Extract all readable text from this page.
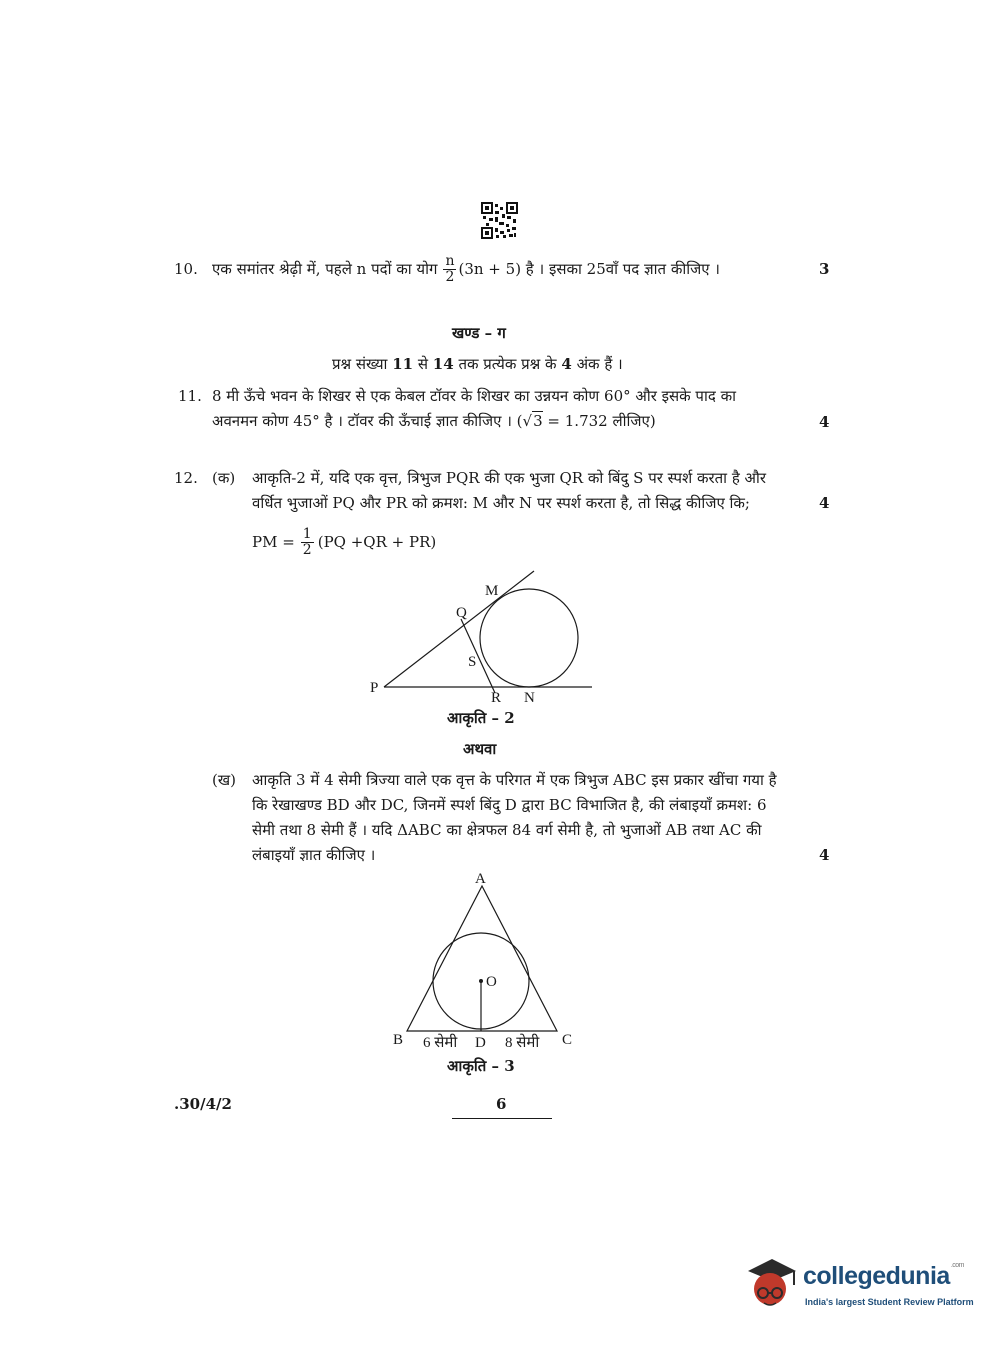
10. एक समांतर श्रेढ़ी में, पहले n पदों का योग $\frac{n}{2} (3n + 5)$ है । इसका 25वाँ पद ज्ञात कीजिए ।	3
खण्ड – ग
प्रश्न संख्या 11 से 14 तक प्रत्येक प्रश्न के 4 अंक हैं ।
11. 8 मी ऊँचे भवन के शिखर से एक केबल टॉवर के शिखर का उन्नयन कोण 60° और इसके पाद का
अवनमन कोण 45° है । टॉवर की ऊँचाई ज्ञात कीजिए । (√3 = 1.732 लीजिए)	4
12. (क) आकृति-2 में, यदि एक वृत्त, त्रिभुज PQR की एक भुजा QR को बिंदु S पर स्पर्श करता है और
वर्धित भुजाओं PQ और PR को क्रमश: M और N पर स्पर्श करता है, तो सिद्ध कीजिए कि;	4
PM = $\frac{1}{2} (PQ +QR + PR)$
P
Q
M
S
R N
आकृति – 2
अथवा
(ख) आकृति 3 में 4 सेमी त्रिज्या वाले एक वृत्त के परिगत में एक त्रिभुज ABC इस प्रकार खींचा गया है
कि रेखाखण्ड BD और DC, जिनमें स्पर्श बिंदु D द्वारा BC विभाजित है, की लंबाइयाँ क्रमश: 6
सेमी तथा 8 सेमी हैं । यदि ΔABC का क्षेत्रफल 84 वर्ग सेमी है, तो भुजाओं AB तथा AC की
लंबाइयाँ ज्ञात कीजिए ।	4
A
O
B	C
D
6 सेमी	8 सेमी
आकृति – 3
.30/4/2	6
collegedunia$^{.com}$
India's largest Student Review Platform
